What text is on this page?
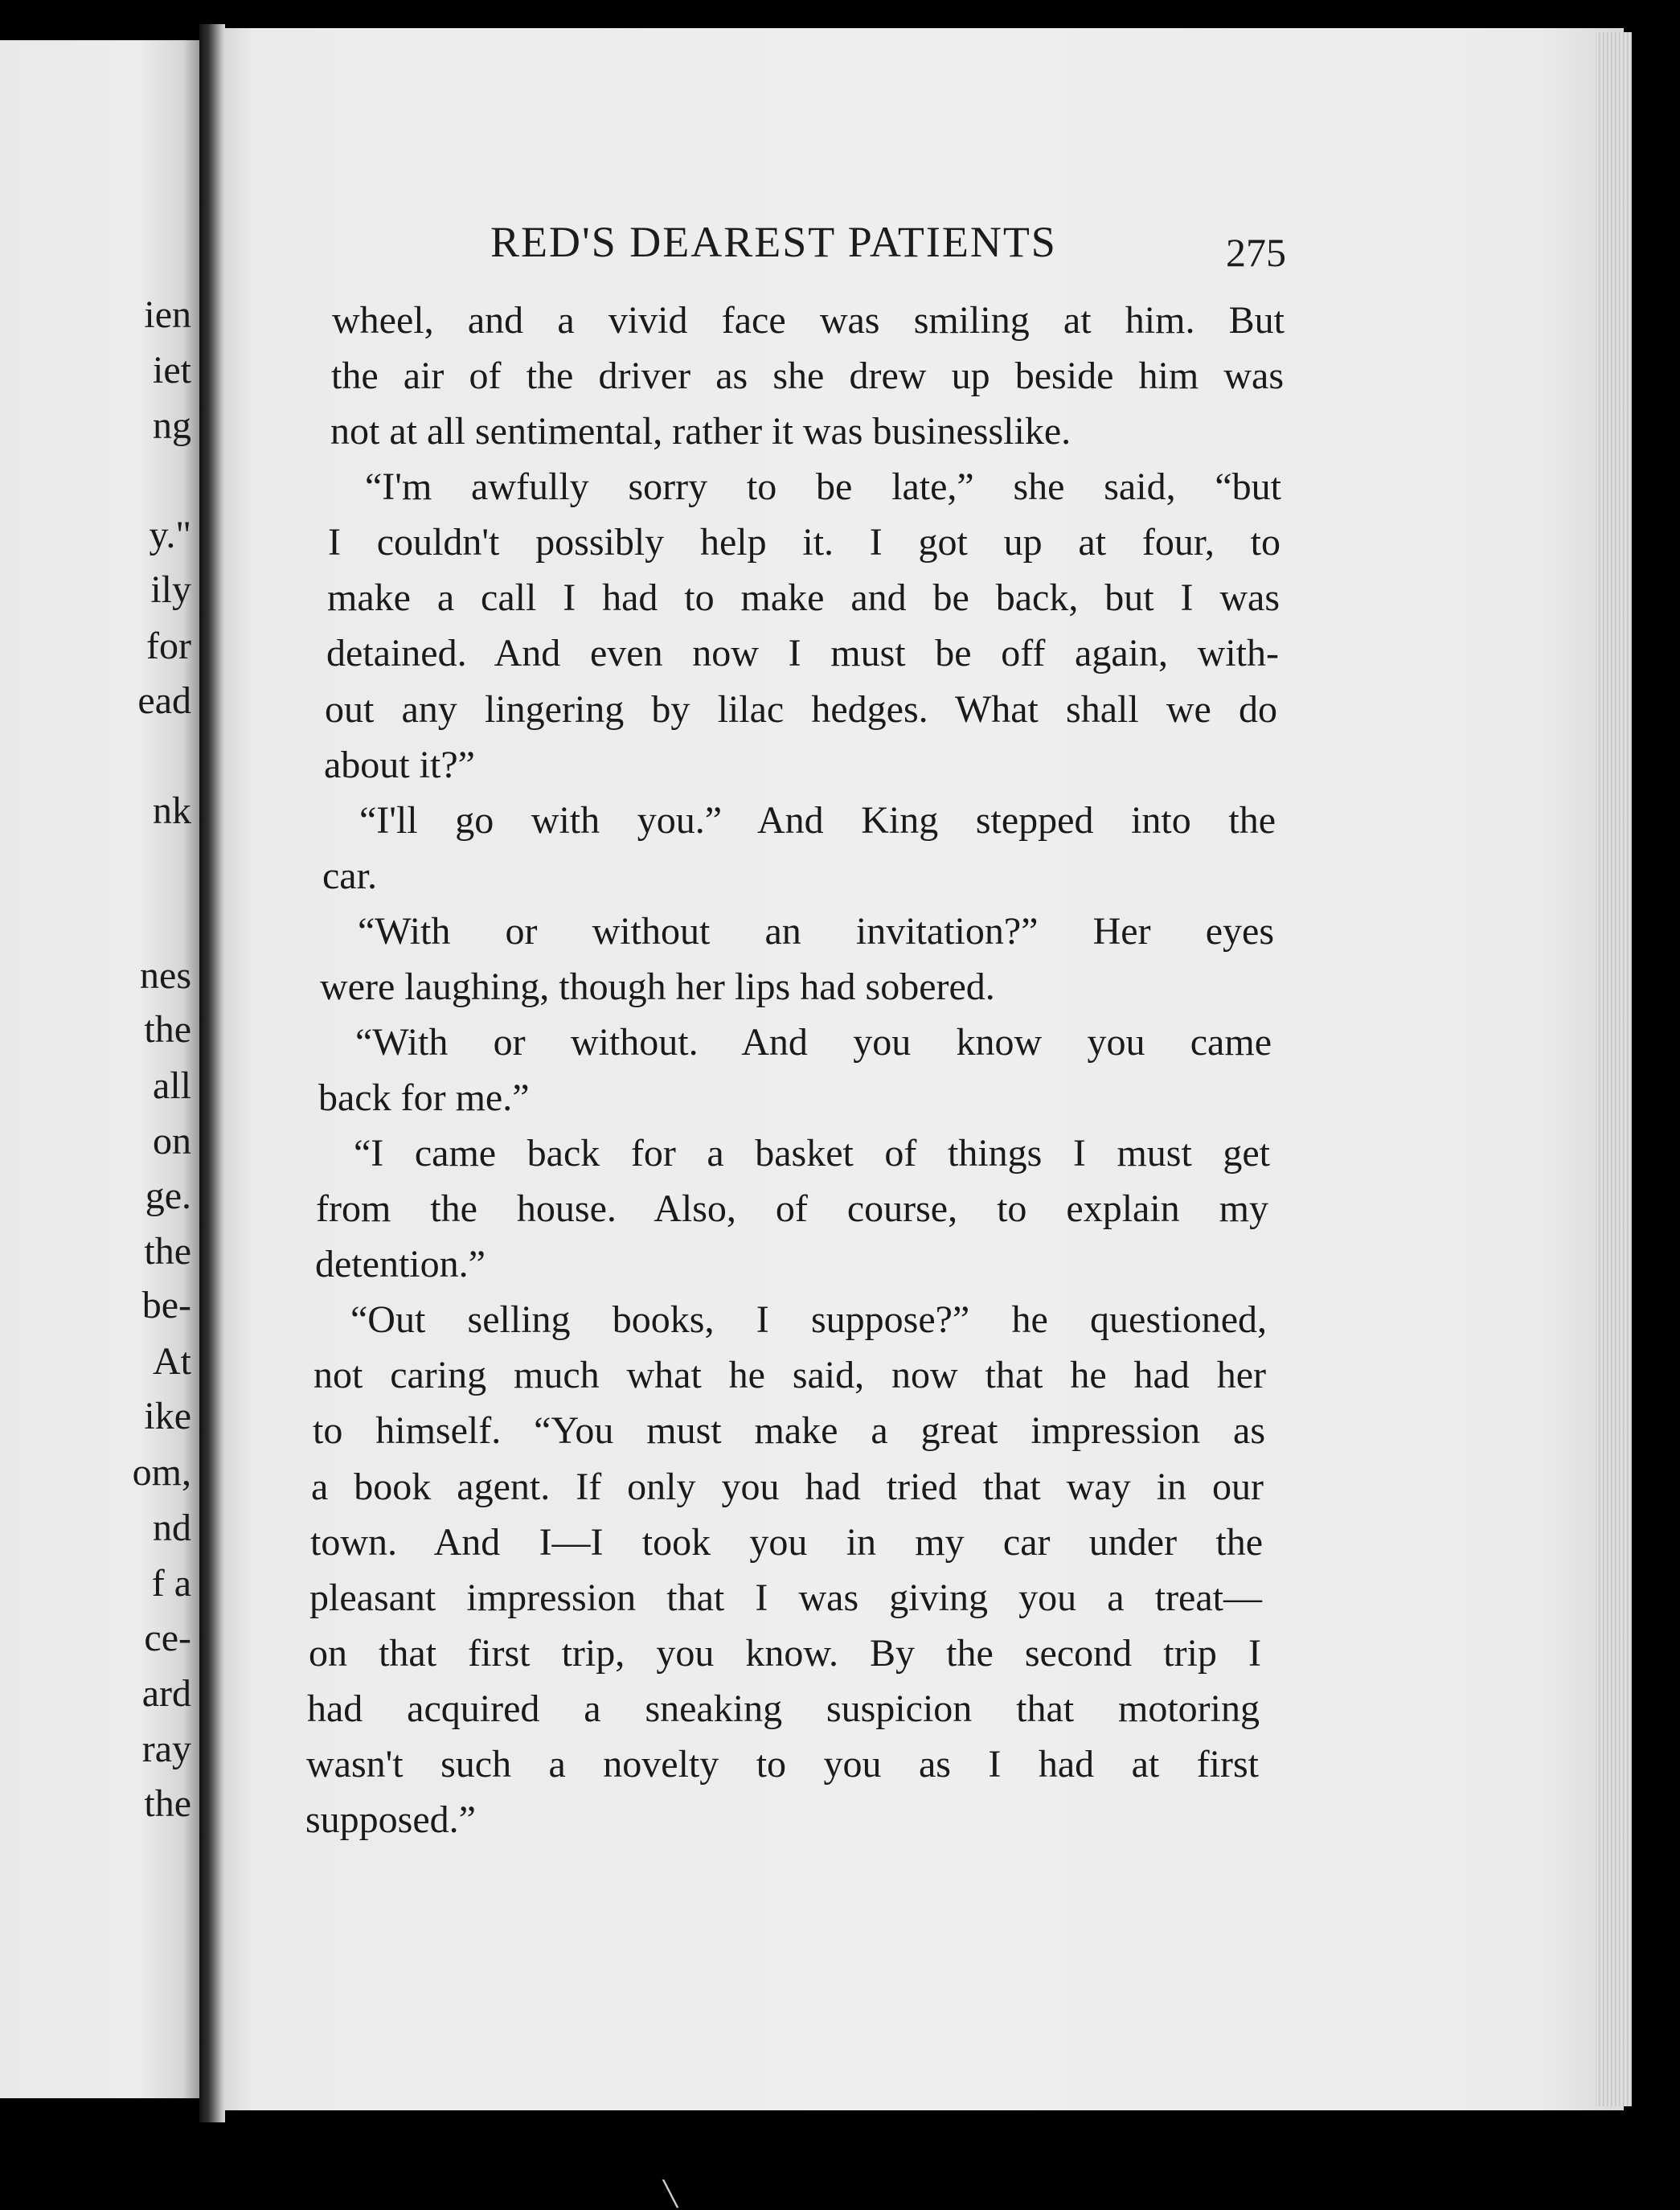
ien
iet
ng
y."
ily
for
ead
nk
nes
the
all
on
ge.
the
be-
At
ike
om,
nd
f a
ce-
ard
ray
the
RED'S DEAREST PATIENTS	275
wheel, and a vivid face was smiling at him. But
the air of the driver as she drew up beside him was
not at all sentimental, rather it was businesslike.
“I'm awfully sorry to be late,” she said, “but
I couldn't possibly help it. I got up at four, to
make a call I had to make and be back, but I was
detained. And even now I must be off again, with-
out any lingering by lilac hedges. What shall we do
about it?”
“I'll go with you.” And King stepped into the
car.
“With or without an invitation?” Her eyes
were laughing, though her lips had sobered.
“With or without. And you know you came
back for me.”
“I came back for a basket of things I must get
from the house. Also, of course, to explain my
detention.”
“Out selling books, I suppose?” he questioned,
not caring much what he said, now that he had her
to himself. “You must make a great impression as
a book agent. If only you had tried that way in our
town. And I—I took you in my car under the
pleasant impression that I was giving you a treat—
on that first trip, you know. By the second trip I
had acquired a sneaking suspicion that motoring
wasn't such a novelty to you as I had at first
supposed.”
╲
